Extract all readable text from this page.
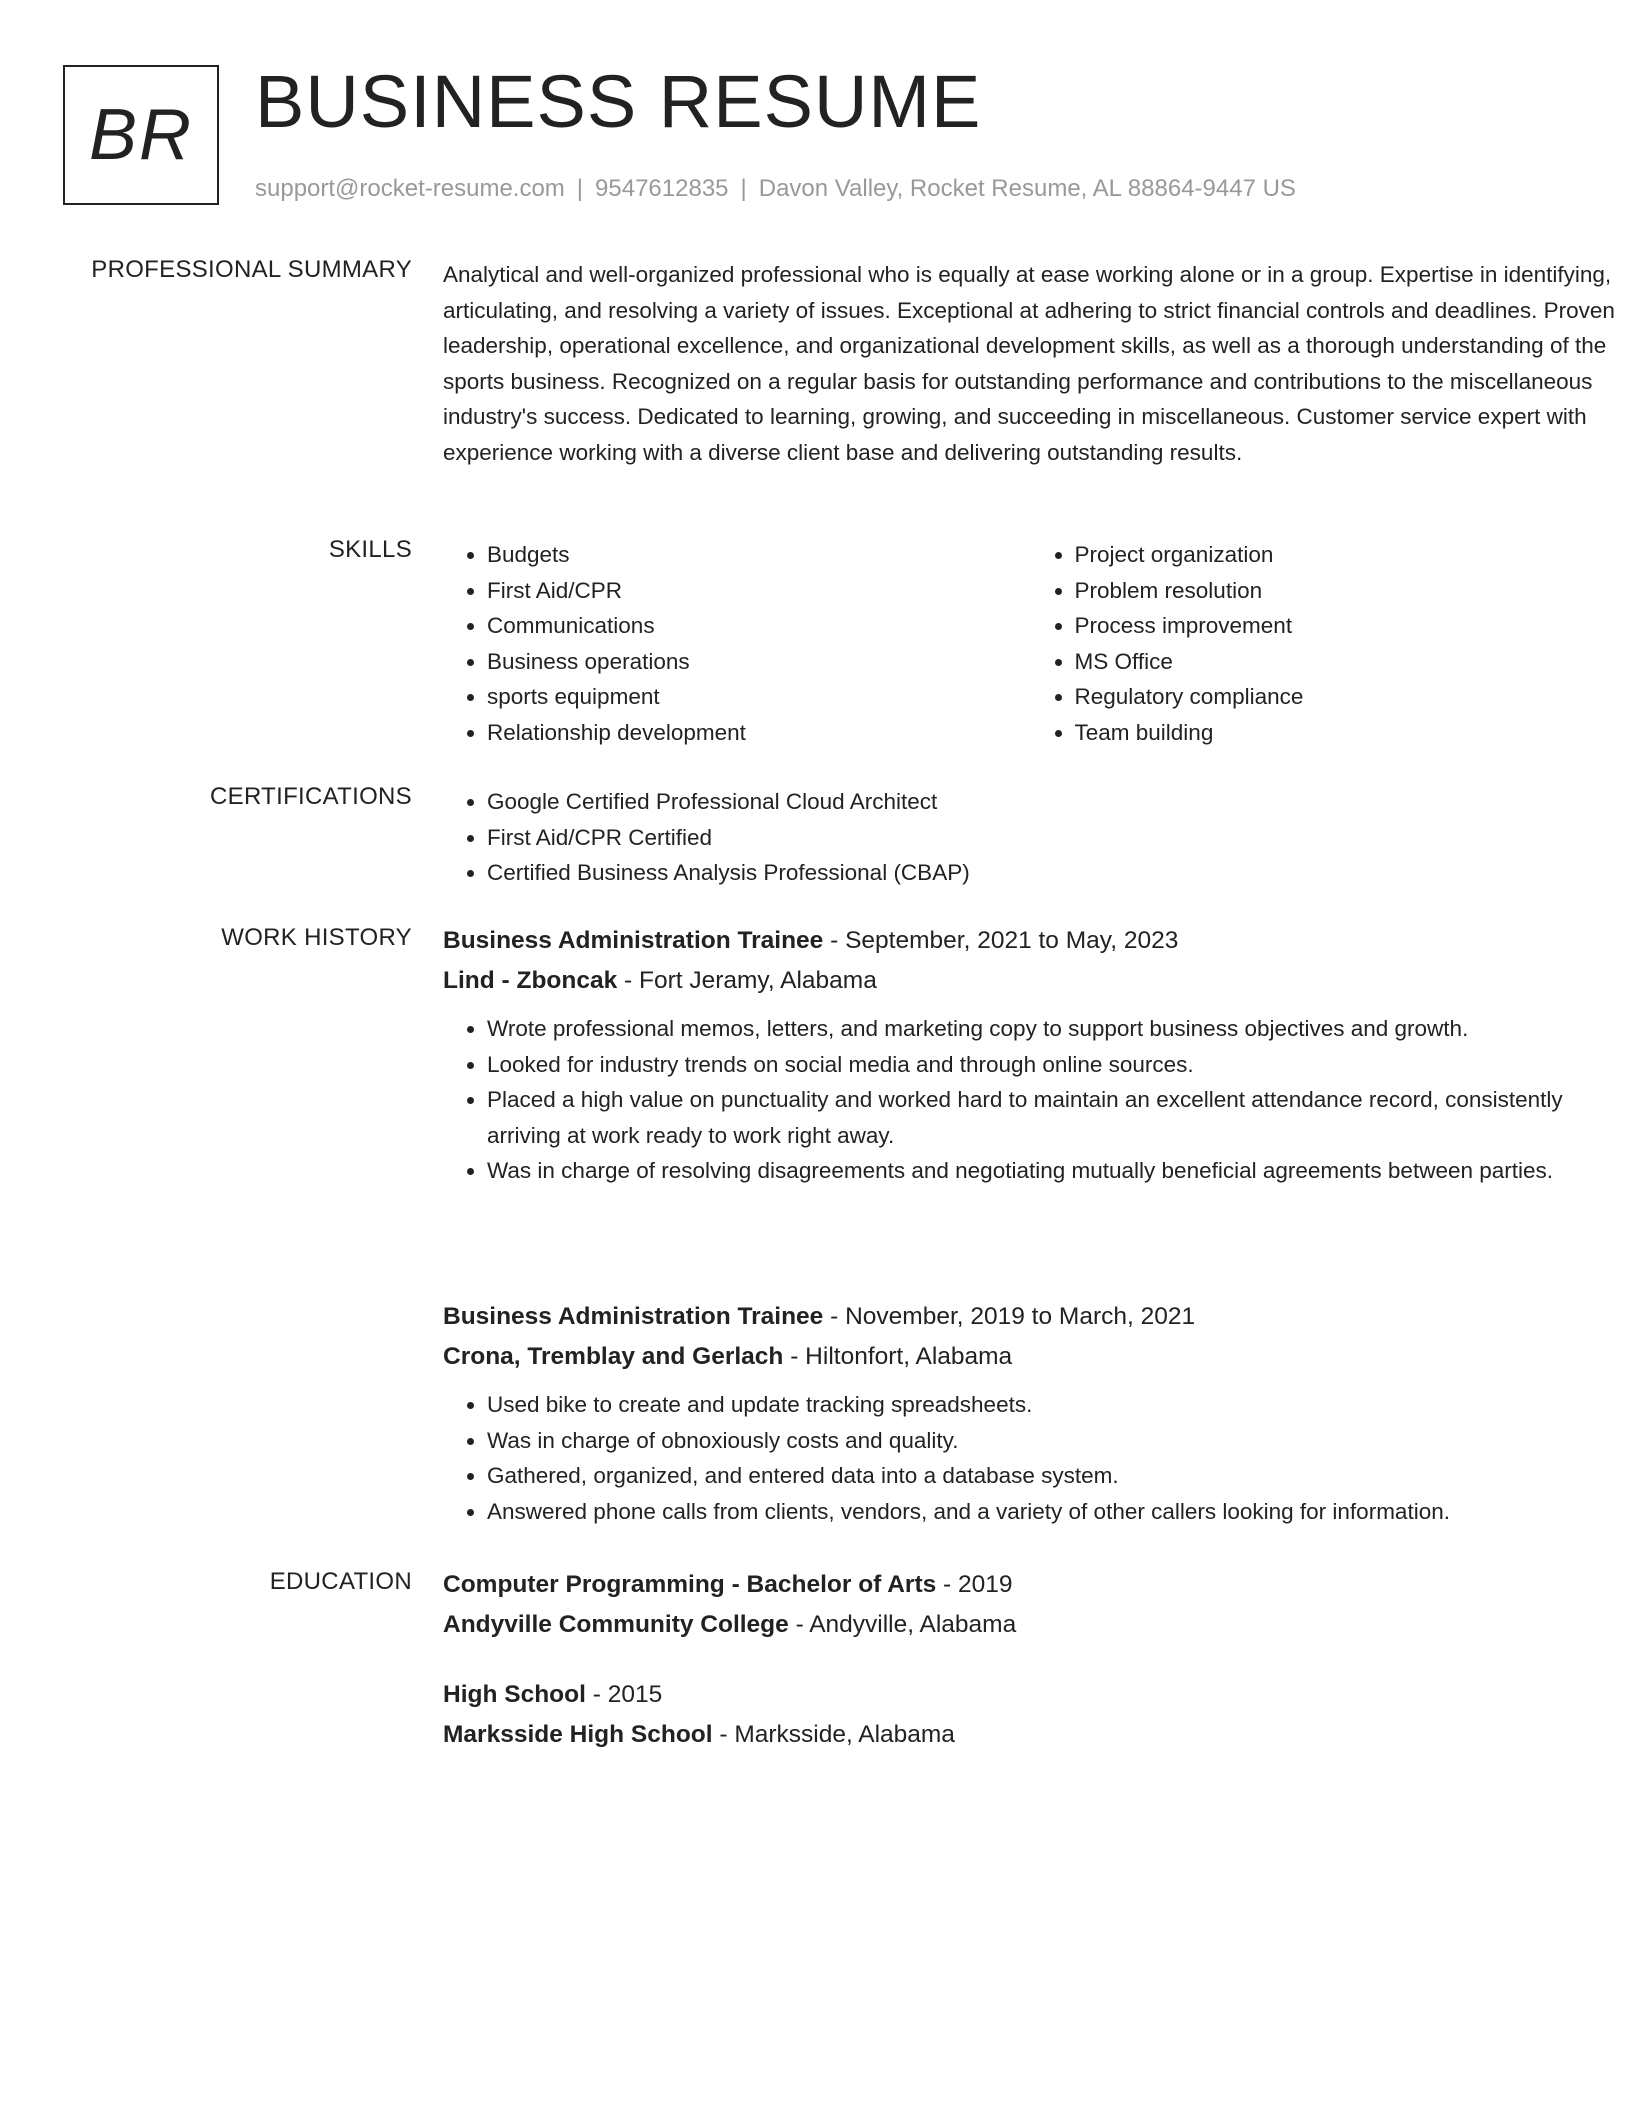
BR BUSINESS RESUME
support@rocket-resume.com | 9547612835 | Davon Valley, Rocket Resume, AL 88864-9447 US
PROFESSIONAL SUMMARY Analytical and well-organized professional who is equally at ease working alone or in a group. Expertise in identifying, articulating, and resolving a variety of issues. Exceptional at adhering to strict financial controls and deadlines. Proven leadership, operational excellence, and organizational development skills, as well as a thorough understanding of the sports business. Recognized on a regular basis for outstanding performance and contributions to the miscellaneous industry's success. Dedicated to learning, growing, and succeeding in miscellaneous. Customer service expert with experience working with a diverse client base and delivering outstanding results.

SKILLS	• Budgets
• First Aid/CPR
• Communications
• Business operations
• sports equipment
• Relationship development
• Project organization
• Problem resolution
• Process improvement
• MS Office
• Regulatory compliance
• Team building
CERTIFICATIONS	• Google Certified Professional Cloud Architect
• First Aid/CPR Certified
• Certified Business Analysis Professional (CBAP)
WORK HISTORY Business Administration Trainee - September, 2021 to May, 2023
Lind - Zboncak - Fort Jeramy, Alabama
• Wrote professional memos, letters, and marketing copy to support business objectives and growth.
• Looked for industry trends on social media and through online sources.
• Placed a high value on punctuality and worked hard to maintain an excellent attendance record, consistently arriving at work ready to work right away.
• Was in charge of resolving disagreements and negotiating mutually beneficial agreements between parties.
Business Administration Trainee - November, 2019 to March, 2021
Crona, Tremblay and Gerlach - Hiltonfort, Alabama
• Used bike to create and update tracking spreadsheets.
• Was in charge of obnoxiously costs and quality.
• Gathered, organized, and entered data into a database system.
• Answered phone calls from clients, vendors, and a variety of other callers looking for information.
EDUCATION Computer Programming - Bachelor of Arts - 2019
Andyville Community College - Andyville, Alabama
High School - 2015
Marksside High School - Marksside, Alabama
